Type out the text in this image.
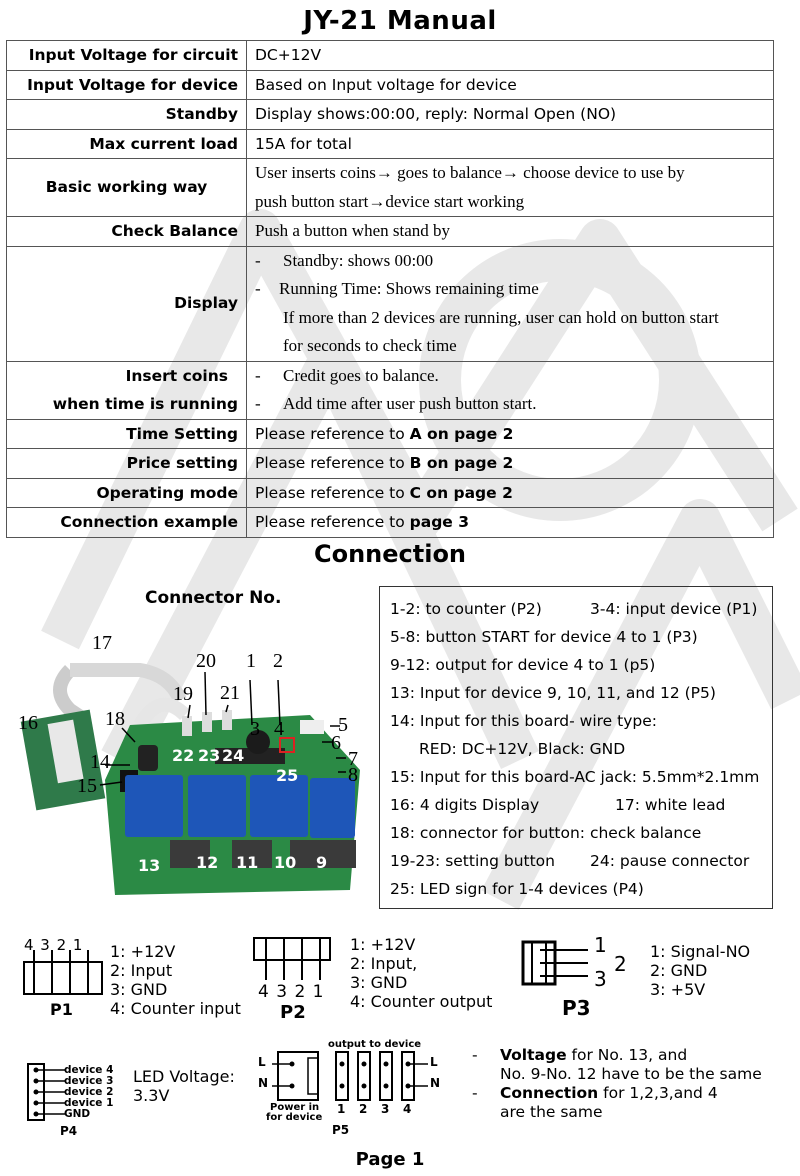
JY-21 Manual
Input Voltage for circuit	DC+12V

Input Voltage for device	Based on Input voltage for device

Standby	Display shows:00:00, reply: Normal Open (NO)

Max current load	15A for total

Basic working way	User inserts coins→ goes to balance→ choose device to use by
push button start→device start working

Check Balance	Push a button when stand by

Display	- Standby: shows 00:00
- Running Time: Shows remaining time
If more than 2 devices are running, user can hold on button start
for seconds to check time

Insert coins
when time is running	- Credit goes to balance.
- Add time after user push button start.

Time Setting	Please reference to A on page 2

Price setting	Please reference to B on page 2

Operating mode	Please reference to C on page 2

Connection example	Please reference to page 3
Connection
Connector No.
17
20 1 2
21
19
16	18
14
15
3 4	5
6
7
8
22 23 24
25
13 12 11 10 9
1-2: to counter (P2)	3-4: input device (P1)
5-8: button START for device 4 to 1 (P3)
9-12: output for device 4 to 1 (p5)
13: Input for device 9, 10, 11, and 12 (P5)
14: Input for this board- wire type:
RED: DC+12V, Black: GND
15: Input for this board-AC jack: 5.5mm*2.1mm
16: 4 digits Display	17: white lead
18: connector for button: check balance
19-23: setting button 24: pause connector
25: LED sign for 1-4 devices (P4)
4 3 2 1
P1
1: +12V
2: Input
3: GND
4: Counter input
4 3 2 1
P2
1: +12V
2: Input,
3: GND
4: Counter output
1
2
3
P3
1: Signal-NO
2: GND
3: +5V
device 4
device 3
device 2
device 1
GND
P4
LED Voltage:
3.3V
output to device
L
N
L
N
Power in
for device
1 2 3 4
P5
- Voltage for No. 13, and
No. 9-No. 12 have to be the same
- Connection for 1,2,3,and 4
are the same
Page 1
